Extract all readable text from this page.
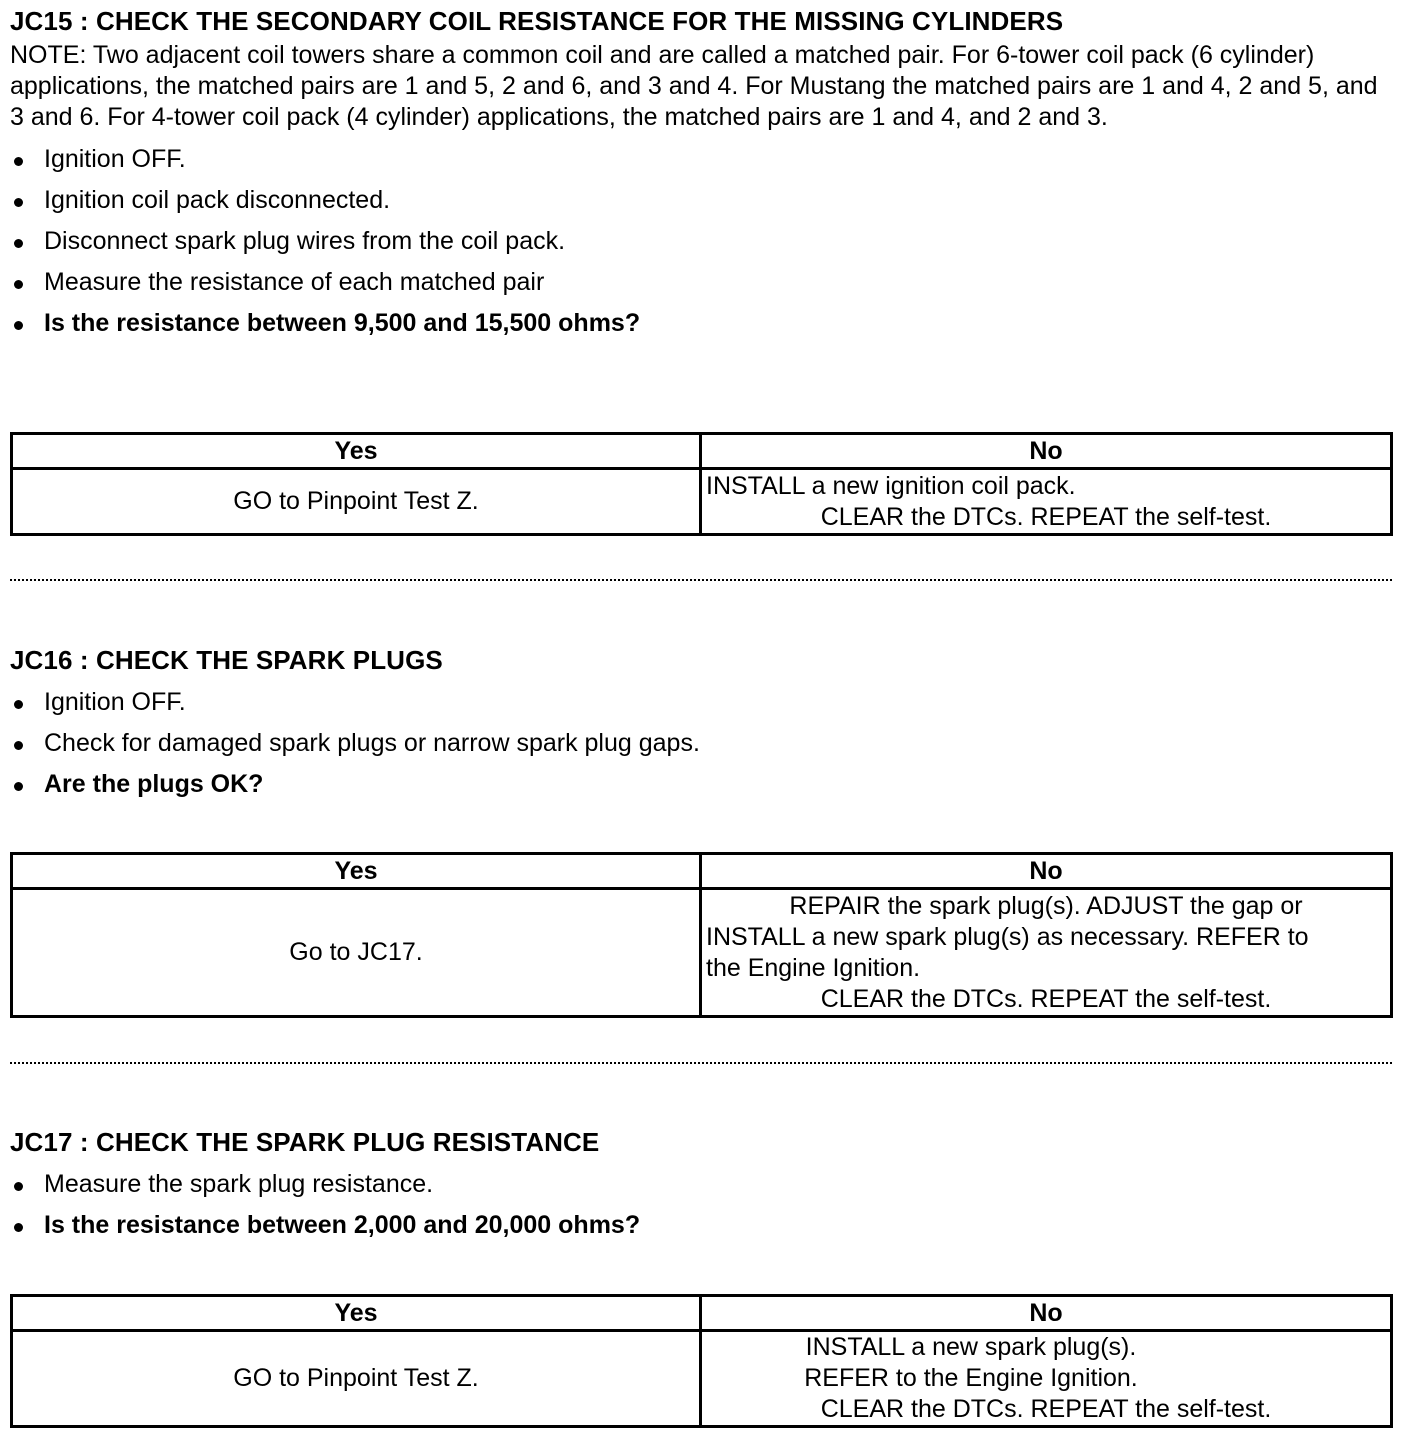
JC15 : CHECK THE SECONDARY COIL RESISTANCE FOR THE MISSING CYLINDERS

NOTE: Two adjacent coil towers share a common coil and are called a matched pair. For 6-tower coil pack (6 cylinder) applications, the matched pairs are 1 and 5, 2 and 6, and 3 and 4. For Mustang the matched pairs are 1 and 4, 2 and 5, and 3 and 6. For 4-tower coil pack (4 cylinder) applications, the matched pairs are 1 and 4, and 2 and 3.

Ignition OFF.
Ignition coil pack disconnected.
Disconnect spark plug wires from the coil pack.
Measure the resistance of each matched pair
Is the resistance between 9,500 and 15,500 ohms?
Yes	No
GO to Pinpoint Test Z.	INSTALL a new ignition coil pack.
CLEAR the DTCs. REPEAT the self-test.
JC16 : CHECK THE SPARK PLUGS
Ignition OFF.
Check for damaged spark plugs or narrow spark plug gaps.
Are the plugs OK?
Yes	No
Go to JC17.	REPAIR the spark plug(s). ADJUST the gap or
INSTALL a new spark plug(s) as necessary. REFER to
the Engine Ignition.
CLEAR the DTCs. REPEAT the self-test.
JC17 : CHECK THE SPARK PLUG RESISTANCE
Measure the spark plug resistance.
Is the resistance between 2,000 and 20,000 ohms?
Yes	No
GO to Pinpoint Test Z.	INSTALL a new spark plug(s).
REFER to the Engine Ignition.
CLEAR the DTCs. REPEAT the self-test.
